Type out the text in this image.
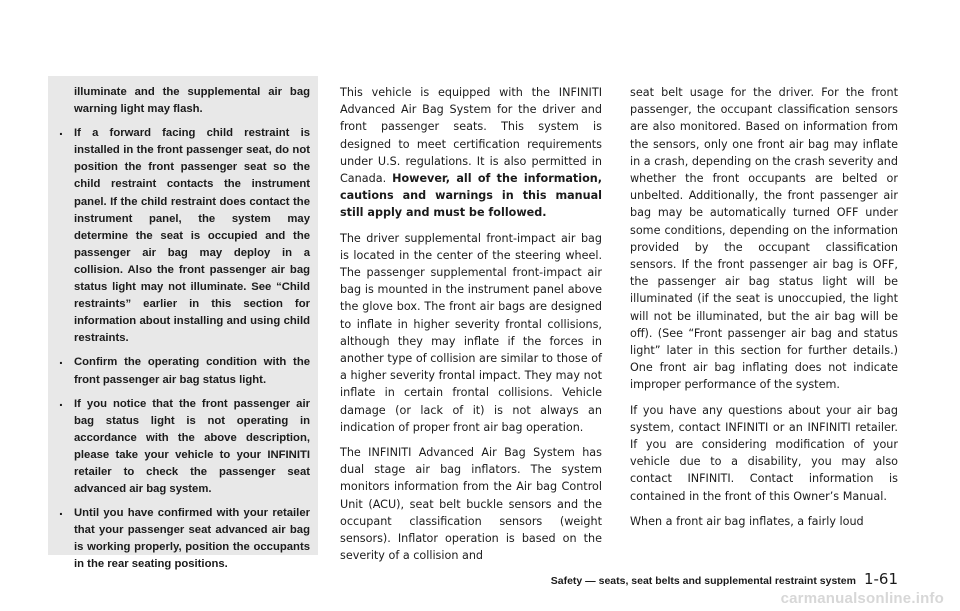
illuminate and the supplemental air bag warning light may flash.

. If a forward facing child restraint is installed in the front passenger seat, do not position the front passenger seat so the child restraint contacts the instrument panel. If the child restraint does contact the instrument panel, the system may determine the seat is occupied and the passenger air bag may deploy in a collision. Also the front passenger air bag status light may not illuminate. See “Child restraints” earlier in this section for information about installing and using child restraints.

. Confirm the operating condition with the front passenger air bag status light.

. If you notice that the front passenger air bag status light is not operating in accordance with the above description, please take your vehicle to your INFINITI retailer to check the passenger seat advanced air bag system.

. Until you have confirmed with your retailer that your passenger seat advanced air bag is working properly, position the occupants in the rear seating positions.

This vehicle is equipped with the INFINITI Advanced Air Bag System for the driver and front passenger seats. This system is designed to meet certification requirements under U.S. regulations. It is also permitted in Canada. However, all of the information, cautions and warnings in this manual still apply and must be followed.

The driver supplemental front-impact air bag is located in the center of the steering wheel. The passenger supplemental front-impact air bag is mounted in the instrument panel above the glove box. The front air bags are designed to inflate in higher severity frontal collisions, although they may inflate if the forces in another type of collision are similar to those of a higher severity frontal impact. They may not inflate in certain frontal collisions. Vehicle damage (or lack of it) is not always an indication of proper front air bag operation.

The INFINITI Advanced Air Bag System has dual stage air bag inflators. The system monitors information from the Air bag Control Unit (ACU), seat belt buckle sensors and the occupant classification sensors (weight sensors). Inflator operation is based on the severity of a collision and

seat belt usage for the driver. For the front passenger, the occupant classification sensors are also monitored. Based on information from the sensors, only one front air bag may inflate in a crash, depending on the crash severity and whether the front occupants are belted or unbelted. Additionally, the front passenger air bag may be automatically turned OFF under some conditions, depending on the information provided by the occupant classification sensors. If the front passenger air bag is OFF, the passenger air bag status light will be illuminated (if the seat is unoccupied, the light will not be illuminated, but the air bag will be off). (See “Front passenger air bag and status light” later in this section for further details.) One front air bag inflating does not indicate improper performance of the system.

If you have any questions about your air bag system, contact INFINITI or an INFINITI retailer. If you are considering modification of your vehicle due to a disability, you may also contact INFINITI. Contact information is contained in the front of this Owner’s Manual.

When a front air bag inflates, a fairly loud

Safety — seats, seat belts and supplemental restraint system 1-61
carmanualsonline.info
